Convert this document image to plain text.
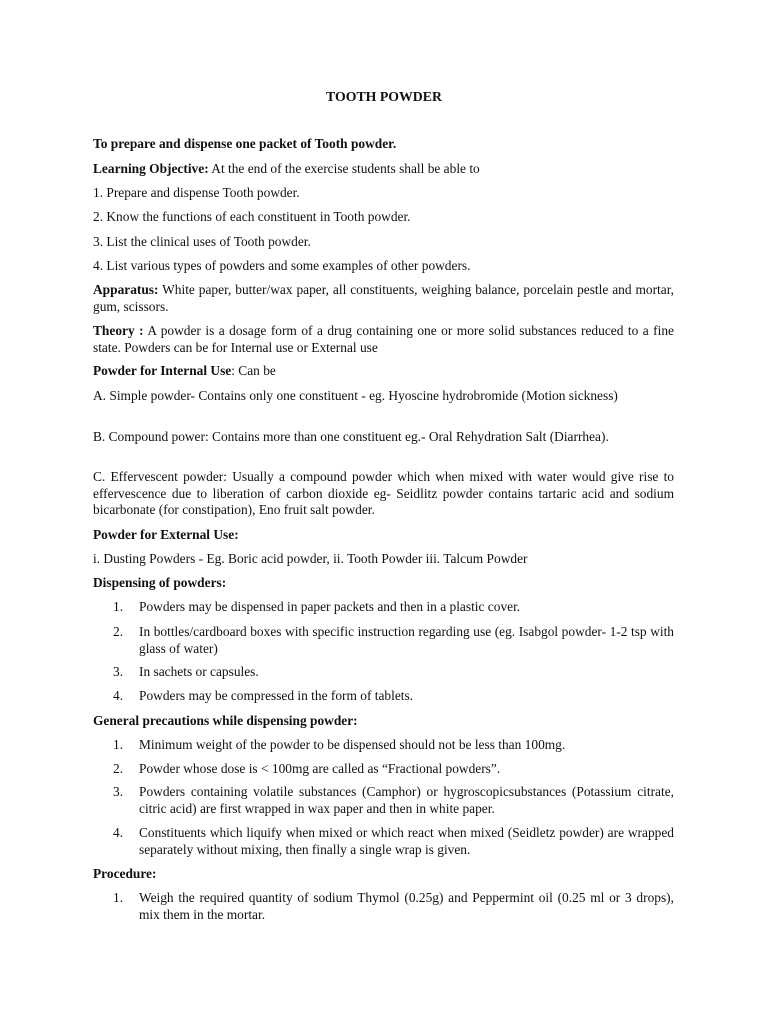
TOOTH POWDER
To prepare and dispense one packet of Tooth powder.
Learning Objective: At the end of the exercise students shall be able to
1. Prepare and dispense Tooth powder.
2. Know the functions of each constituent in Tooth powder.
3. List the clinical uses of Tooth powder.
4. List various types of powders and some examples of other powders.
Apparatus: White paper, butter/wax paper, all constituents, weighing balance, porcelain pestle and mortar, gum, scissors.
Theory : A powder is a dosage form of a drug containing one or more solid substances reduced to a fine state. Powders can be for Internal use or External use
Powder for Internal Use: Can be
A. Simple powder- Contains only one constituent - eg. Hyoscine hydrobromide (Motion sickness)
B. Compound power: Contains more than one constituent eg.- Oral Rehydration Salt (Diarrhea).
C. Effervescent powder: Usually a compound powder which when mixed with water would give rise to effervescence due to liberation of carbon dioxide eg- Seidlitz powder contains tartaric acid and sodium bicarbonate (for constipation), Eno fruit salt powder.
Powder for External Use:
i. Dusting Powders - Eg. Boric acid powder, ii. Tooth Powder iii. Talcum Powder
Dispensing of powders:
1.	Powders may be dispensed in paper packets and then in a plastic cover.
2.	In bottles/cardboard boxes with specific instruction regarding use (eg. Isabgol powder- 1-2 tsp with glass of water)
3.	In sachets or capsules.
4.	Powders may be compressed in the form of tablets.
General precautions while dispensing powder:
1.	Minimum weight of the powder to be dispensed should not be less than 100mg.
2.	Powder whose dose is < 100mg are called as “Fractional powders”.
3.	Powders containing volatile substances (Camphor) or hygroscopicsubstances (Potassium citrate, citric acid) are first wrapped in wax paper and then in white paper.
4.	Constituents which liquify when mixed or which react when mixed (Seidletz powder) are wrapped separately without mixing, then finally a single wrap is given.
Procedure:
1.	Weigh the required quantity of sodium Thymol (0.25g) and Peppermint oil (0.25 ml or 3 drops), mix them in the mortar.
